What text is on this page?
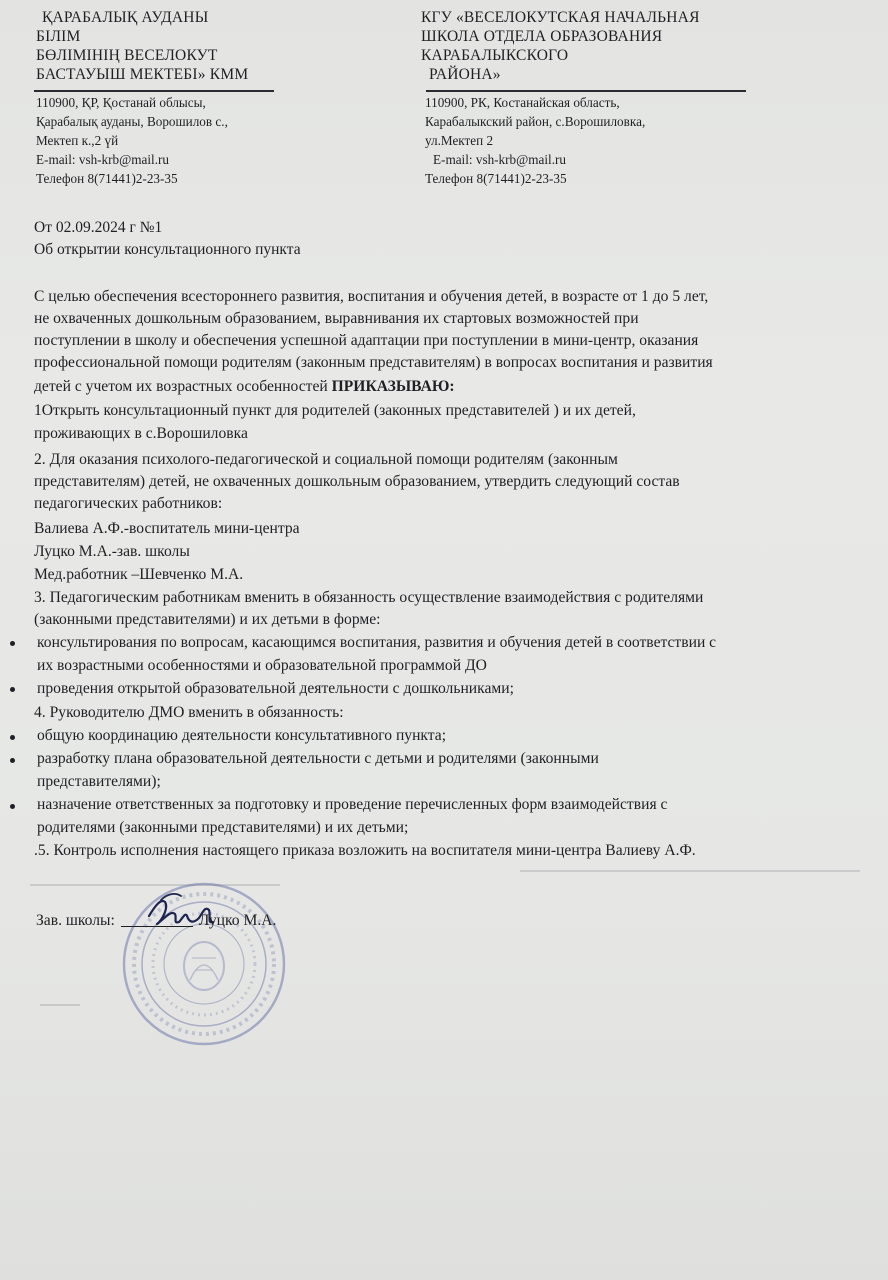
ҚАРАБАЛЫҚ АУДАНЫ
БІЛІМ
БӨЛІМІНІҢ ВЕСЕЛОКУТ
БАСТАУЫШ МЕКТЕБІ» КММ
110900, ҚР, Қостанай облысы,
Қарабалық ауданы, Ворошилов с.,
Мектеп к.,2 үй
E-mail: vsh-krb@mail.ru
Телефон 8(71441)2-23-35
КГУ «ВЕСЕЛОКУТСКАЯ НАЧАЛЬНАЯ
ШКОЛА ОТДЕЛА ОБРАЗОВАНИЯ
КАРАБАЛЫКСКОГО
РАЙОНА»
110900, РК, Костанайская область,
Карабалыкский район, с.Ворошиловка,
ул.Мектеп 2
E-mail: vsh-krb@mail.ru
Телефон 8(71441)2-23-35
От 02.09.2024 г №1
Об открытии консультационного пункта
С целью обеспечения всестороннего развития, воспитания и обучения детей, в возрасте от 1 до 5 лет,
не охваченных дошкольным образованием, выравнивания их стартовых возможностей при
поступлении в школу и обеспечения успешной адаптации при поступлении в мини-центр, оказания
профессиональной помощи родителям (законным представителям) в вопросах воспитания и развития
детей с учетом их возрастных особенностей ПРИКАЗЫВАЮ:
1Открыть консультационный пункт для родителей (законных представителей ) и их детей,
проживающих в с.Ворошиловка
2. Для оказания психолого-педагогической и социальной помощи родителям (законным
представителям) детей, не охваченных дошкольным образованием, утвердить следующий состав
педагогических работников:
Валиева А.Ф.-воспитатель мини-центра
Луцко М.А.-зав. школы
Мед.работник –Шевченко М.А.
3. Педагогическим работникам вменить в обязанность осуществление взаимодействия с родителями
(законными представителями) и их детьми в форме:
консультирования по вопросам, касающимся воспитания, развития и обучения детей в соответствии с
их возрастными особенностями и образовательной программой ДО
проведения открытой образовательной деятельности с дошкольниками;
4. Руководителю ДМО вменить в обязанность:
общую координацию деятельности консультативного пункта;
разработку плана образовательной деятельности с детьми и родителями (законными
представителями);
назначение ответственных за подготовку и проведение перечисленных форм взаимодействия с
родителями (законными представителями) и их детьми;
.5. Контроль исполнения настоящего приказа возложить на воспитателя мини-центра Валиеву А.Ф.
Зав. школы:	Луцко М.А.
